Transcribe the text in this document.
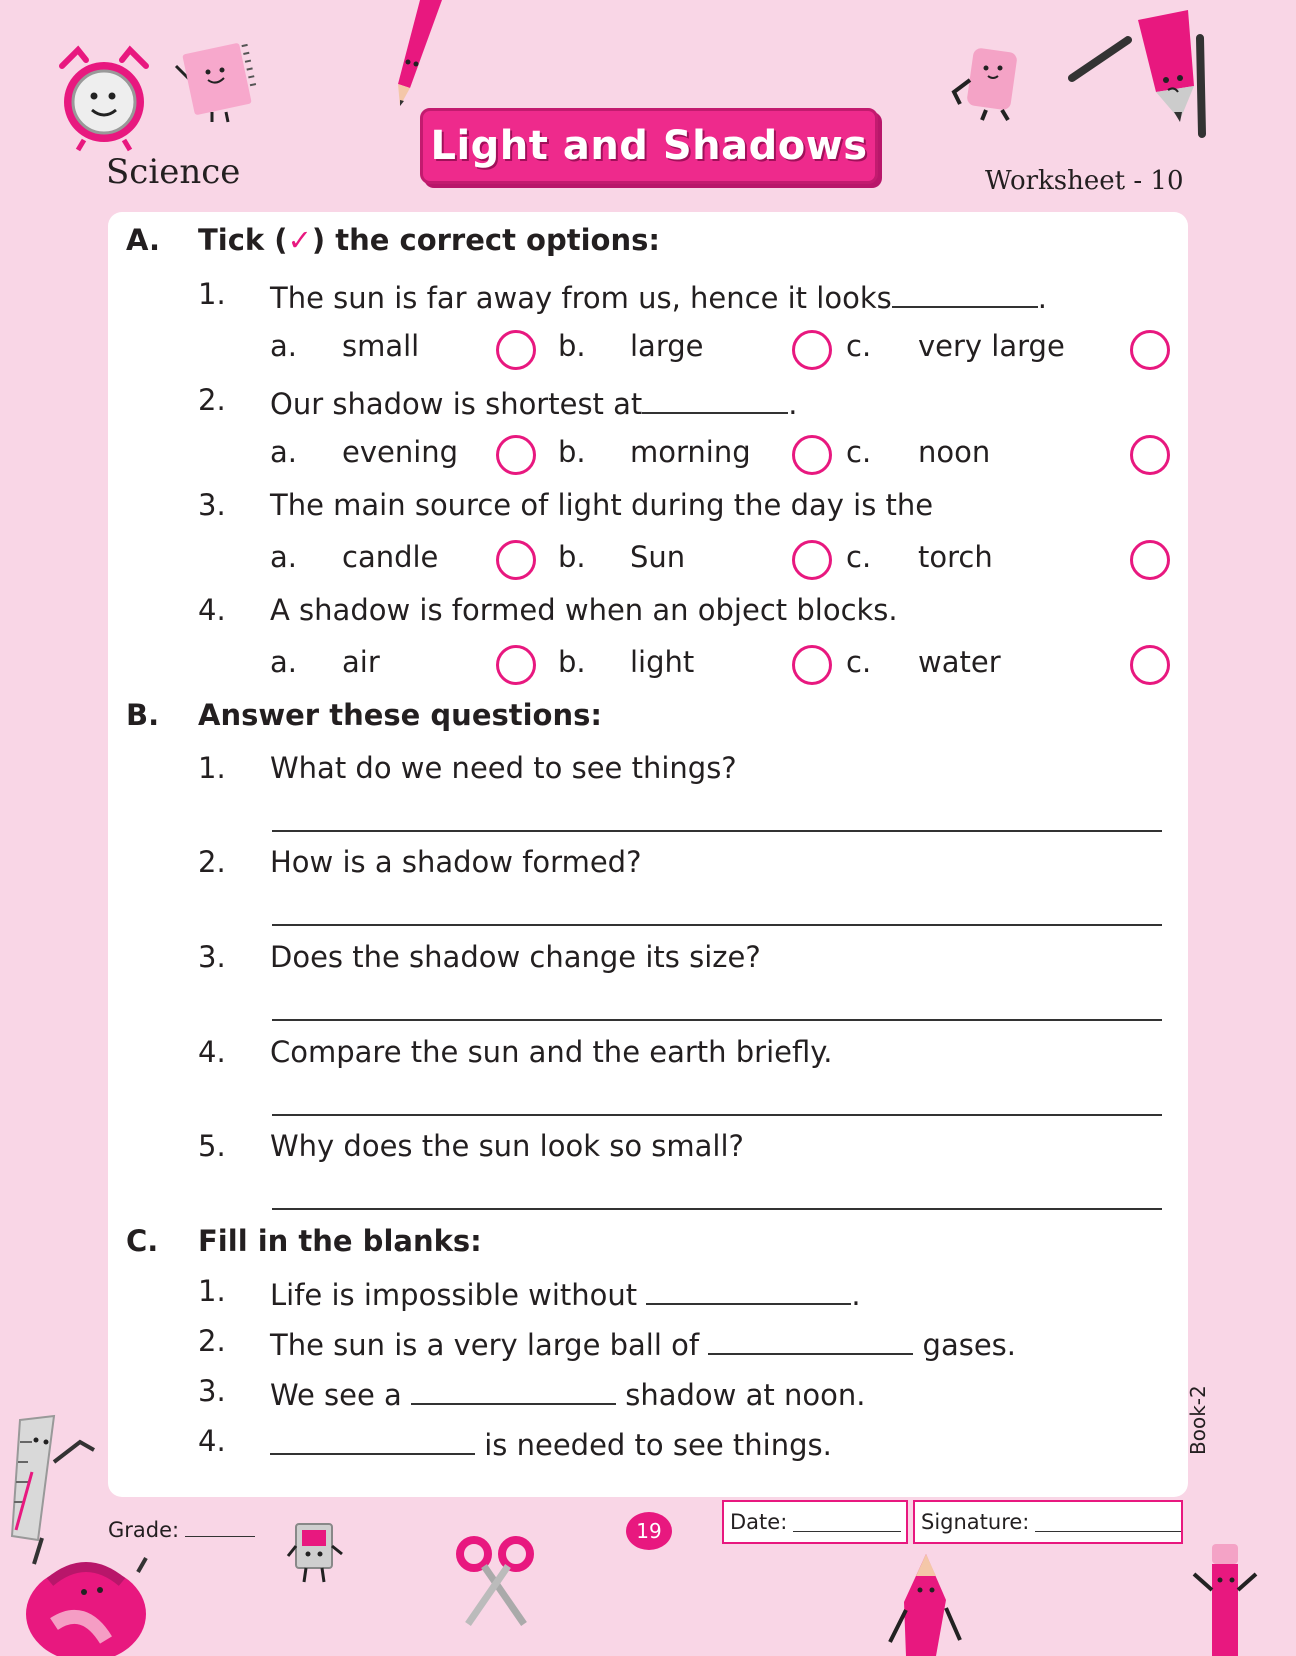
Science
Light and Shadows
Worksheet - 10
A. Tick (✓) the correct options:
1. The sun is far away from us, hence it looks	.
a. small	b. large	c. very large
2. Our shadow is shortest at	.
a. evening	b. morning	c. noon
3. The main source of light during the day is the
a. candle	b. Sun	c. torch
4. A shadow is formed when an object blocks.
a. air	b. light	c. water
B. Answer these questions:
1. What do we need to see things?
2. How is a shadow formed?
3. Does the shadow change its size?
4. Compare the sun and the earth briefly.
5. Why does the sun look so small?
C. Fill in the blanks:
1. Life is impossible without	.
2. The sun is a very large ball of	gases.
3. We see a	shadow at noon.
4.	is needed to see things.	Book-2
Grade:	19	Date:	Signature:
